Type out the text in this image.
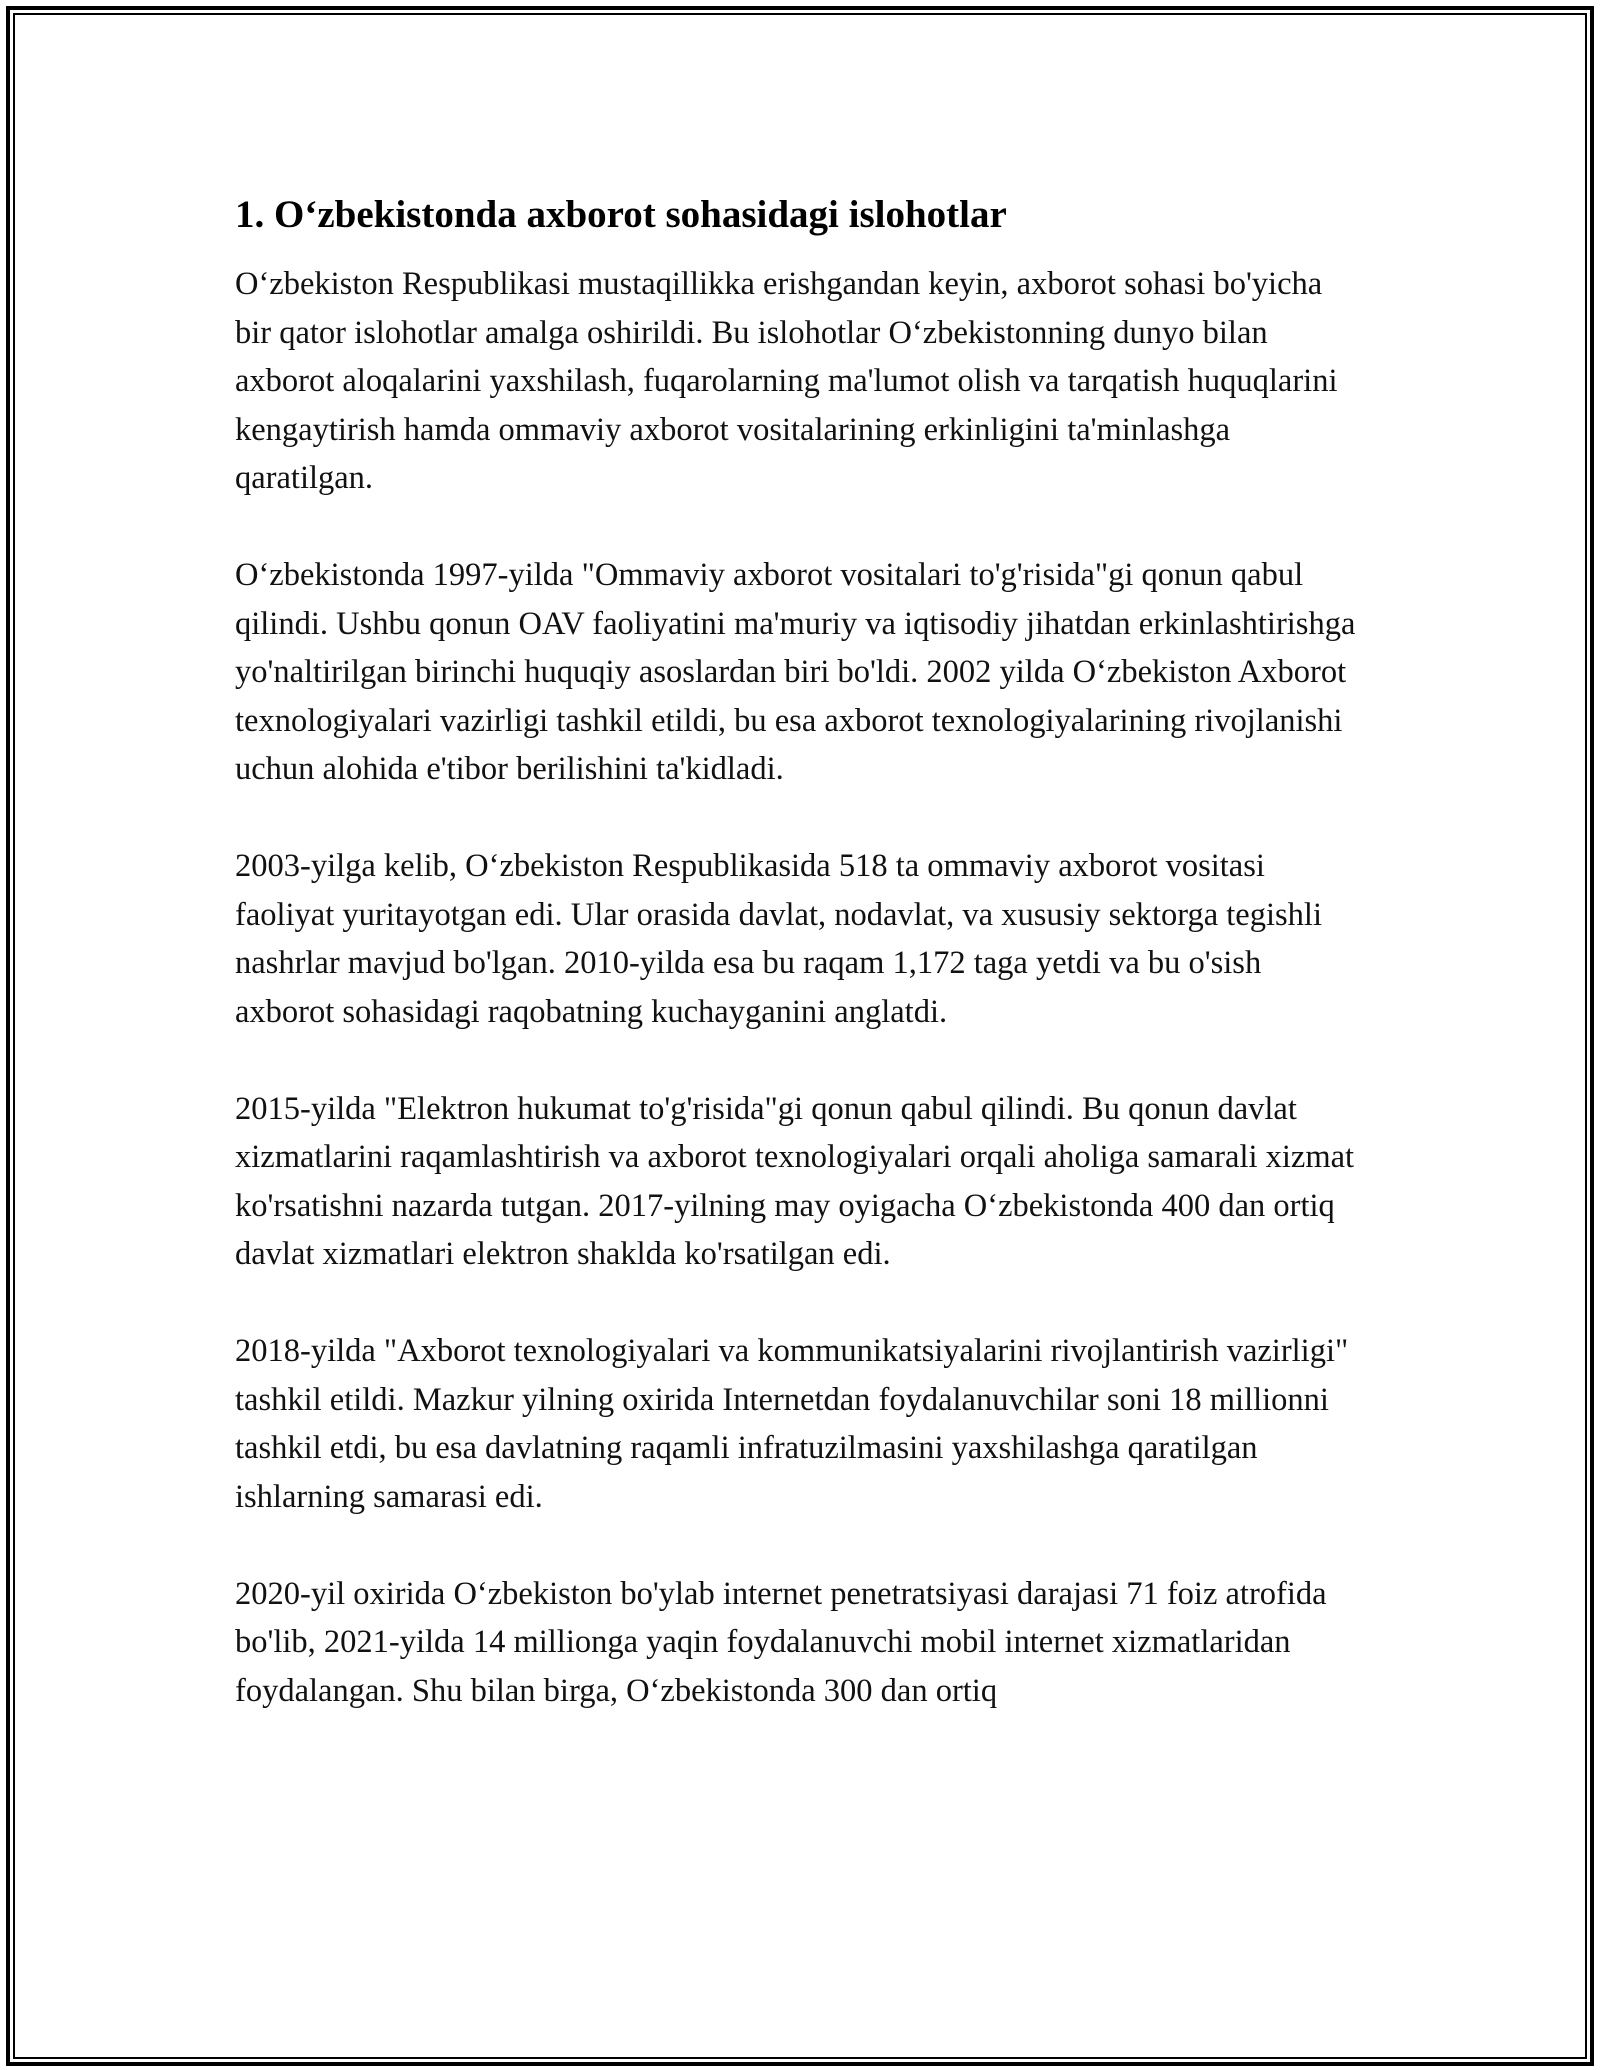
1. O‘zbekistonda axborot sohasidagi islohotlar

O‘zbekiston Respublikasi mustaqillikka erishgandan keyin, axborot sohasi bo'yicha bir qator islohotlar amalga oshirildi. Bu islohotlar O‘zbekistonning dunyo bilan axborot aloqalarini yaxshilash, fuqarolarning ma'lumot olish va tarqatish huquqlarini kengaytirish hamda ommaviy axborot vositalarining erkinligini ta'minlashga qaratilgan.

O‘zbekistonda 1997-yilda "Ommaviy axborot vositalari to'g'risida"gi qonun qabul qilindi. Ushbu qonun OAV faoliyatini ma'muriy va iqtisodiy jihatdan erkinlashtirishga yo'naltirilgan birinchi huquqiy asoslardan biri bo'ldi. 2002 yilda O‘zbekiston Axborot texnologiyalari vazirligi tashkil etildi, bu esa axborot texnologiyalarining rivojlanishi uchun alohida e'tibor berilishini ta'kidladi.

2003-yilga kelib, O‘zbekiston Respublikasida 518 ta ommaviy axborot vositasi faoliyat yuritayotgan edi. Ular orasida davlat, nodavlat, va xususiy sektorga tegishli nashrlar mavjud bo'lgan. 2010-yilda esa bu raqam 1,172 taga yetdi va bu o'sish axborot sohasidagi raqobatning kuchayganini anglatdi.

2015-yilda "Elektron hukumat to'g'risida"gi qonun qabul qilindi. Bu qonun davlat xizmatlarini raqamlashtirish va axborot texnologiyalari orqali aholiga samarali xizmat ko'rsatishni nazarda tutgan. 2017-yilning may oyigacha O‘zbekistonda 400 dan ortiq davlat xizmatlari elektron shaklda ko'rsatilgan edi.

2018-yilda "Axborot texnologiyalari va kommunikatsiyalarini rivojlantirish vazirligi" tashkil etildi. Mazkur yilning oxirida Internetdan foydalanuvchilar soni 18 millionni tashkil etdi, bu esa davlatning raqamli infratuzilmasini yaxshilashga qaratilgan ishlarning samarasi edi.

2020-yil oxirida O‘zbekiston bo'ylab internet penetratsiyasi darajasi 71 foiz atrofida bo'lib, 2021-yilda 14 millionga yaqin foydalanuvchi mobil internet xizmatlaridan foydalangan. Shu bilan birga, O‘zbekistonda 300 dan ortiq
